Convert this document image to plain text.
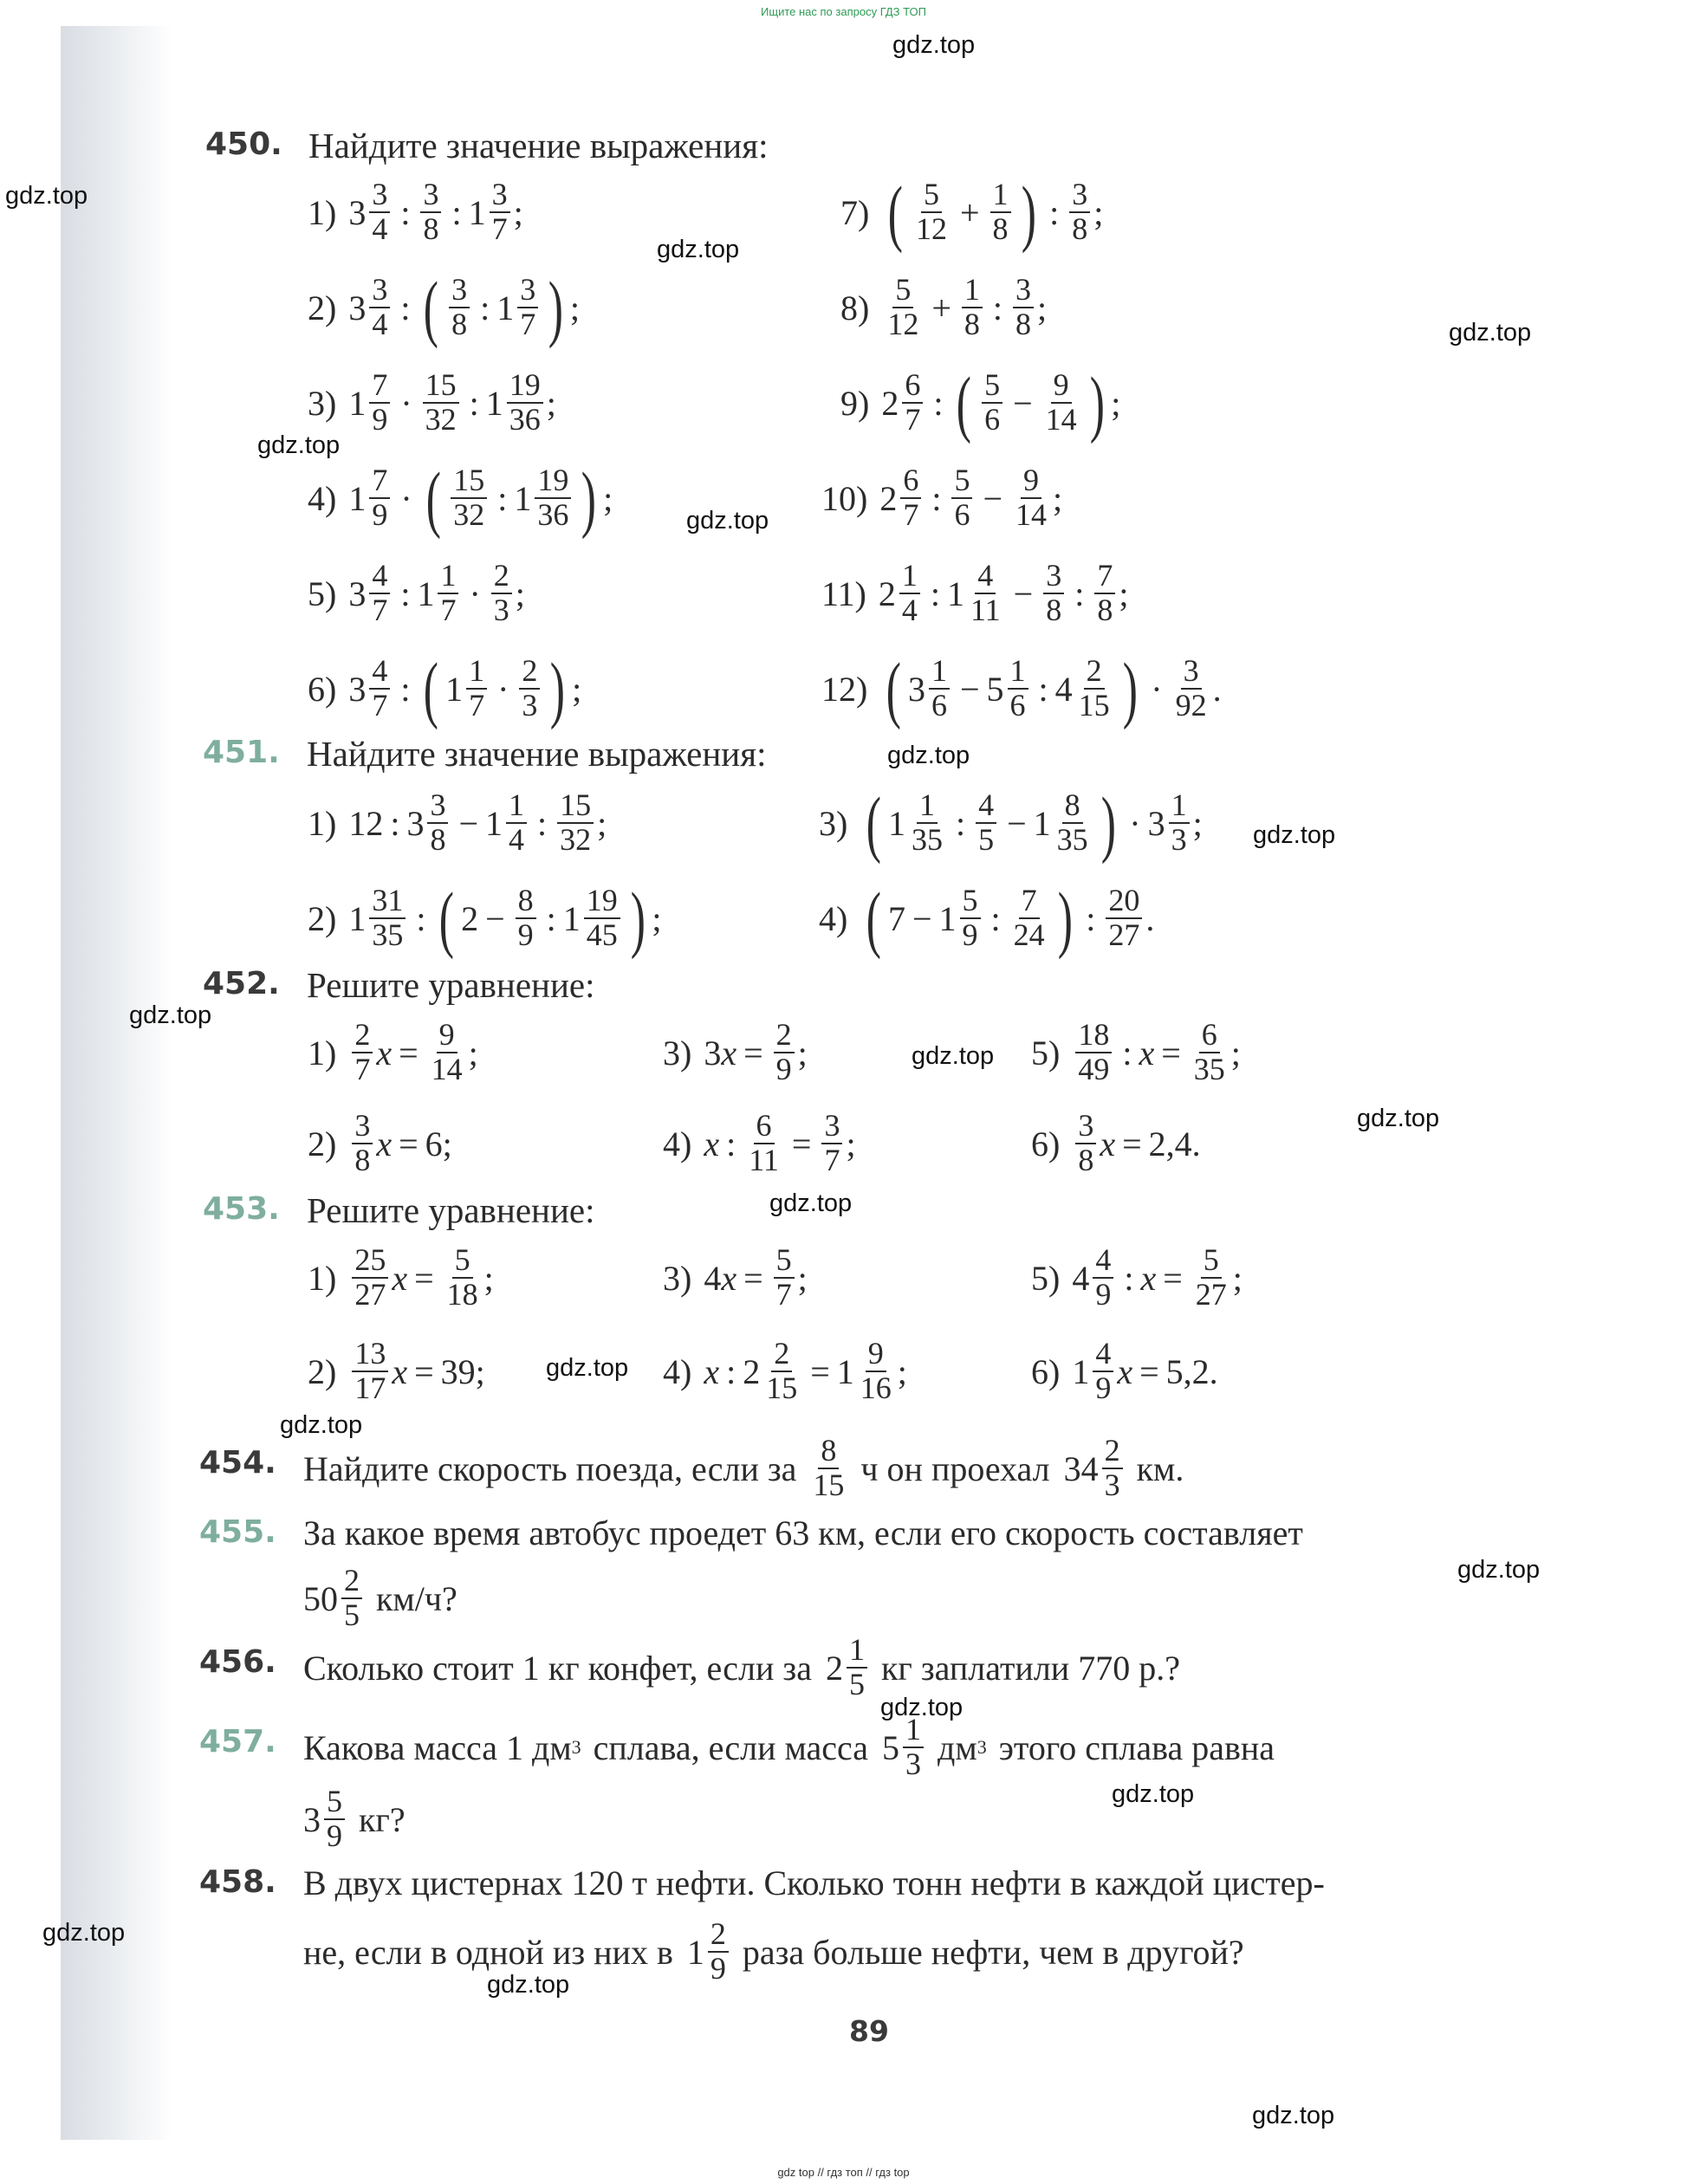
Ищите нас по запросу ГДЗ ТОП
gdz.top
gdz.top
gdz.top
gdz.top
gdz.top
gdz.top
gdz.top
gdz.top
gdz.top
gdz.top
gdz.top
gdz.top
gdz.top
gdz.top
gdz.top
gdz.top
gdz.top
gdz.top
gdz.top
gdz.top
450. Найдите значение выражения:
1) $3 \frac{3}{4}$ : $\frac{3}{8}$ : $1 \frac{3}{7}$ ;
2) $3 \frac{3}{4}$ : ( $\frac{3}{8}$ : $1 \frac{3}{7}$ ) ;
3) $1 \frac{7}{9} \cdot \frac{15}{32}$ : $1 \frac{19}{36}$ ;
4) $1 \frac{7}{9}$ · ( $\frac{15}{32}$ : $1 \frac{19}{36}$ ) ;
5) $3 \frac{4}{7}$ : $1 \frac{1}{7} \cdot \frac{2}{3}$ ;
6) $3 \frac{4}{7}$ : ( $1 \frac{1}{7} \cdot \frac{2}{3}$ ) ;
7) ( $\frac{5}{12} + \frac{1}{8}$ ) : $\frac{3}{8}$ ;
$8) \frac{5}{12} + \frac{1}{8}$ : $\frac{3}{8}$ ;
9) $2 \frac{6}{7}$ : ( $\frac{5}{6} - \frac{9}{14}$ ) ;
10) $2 \frac{6}{7}$ : $\frac{5}{6} - \frac{9}{14}$ ;
11) $2 \frac{1}{4}$ : $1 \frac{4}{11} - \frac{3}{8}$ : $\frac{7}{8}$ ;
12) ( $3 \frac{1}{6} - 5 \frac{1}{6}$ : $4 \frac{2}{15}$ ) · $\frac{3}{92}$ .
451. Найдите значение выражения:
1) 12 : $3 \frac{3}{8} - 1 \frac{1}{4}$ : $\frac{15}{32}$ ;
2) $1 \frac{31}{35}$ : ( $2 - \frac{8}{9}$ : $1 \frac{19}{45}$ ) ;
3) ( $1 \frac{1}{35}$ : $\frac{4}{5} - 1 \frac{8}{35}$ ) · $3 \frac{1}{3}$ ;
4) ( $7 - 1 \frac{5}{9}$ : $\frac{7}{24}$ ) : $\frac{20}{27}$ .
452. Решите уравнение:
$1) \frac{2}{7}$ $x = \frac{9}{14}$ ;
$2) \frac{3}{8}$ x = 6;
3) $3x = \frac{2}{9}$ ;
4) x : $\frac{6}{11} = \frac{3}{7}$ ;
$5) \frac{18}{49}$ : $x = \frac{6}{35}$ ;
$6) \frac{3}{8}$ x = 2,4.
453. Решите уравнение:
$1) \frac{25}{27}$ $x = \frac{5}{18}$ ;
$2) \frac{13}{17}$ x = 39;
3) $4x = \frac{5}{7}$ ;
4) x : $2 \frac{2}{15} = 1 \frac{9}{16}$ ;
5) $4 \frac{4}{9}$ : $x = \frac{5}{27}$ ;
6) $1 \frac{4}{9}$ x = 5,2.
454. Найдите скорость поезда, если за $\frac{8}{15}$ ч он проехал $34 \frac{2}{3}$ км.
455. За какое время автобус проедет 63 км, если его скорость составляет
$50 \frac{2}{5} км/ч$?
456. Сколько стоит 1 кг конфет, если за $2 \frac{1}{5}$ кг заплатили 770 р.?
457. Какова масса 1 дм 3 сплава, если масса $5 \frac{1}{3}$ дм 3 этого сплава равна
$3 \frac{5}{9}$ кг?
458. В двух цистернах 120 т нефти. Сколько тонн нефти в каждой цистер-
не, если в одной из них в $1 \frac{2}{9}$ раза больше нефти, чем в другой?
89
gdz top // гдз топ // гдз top
